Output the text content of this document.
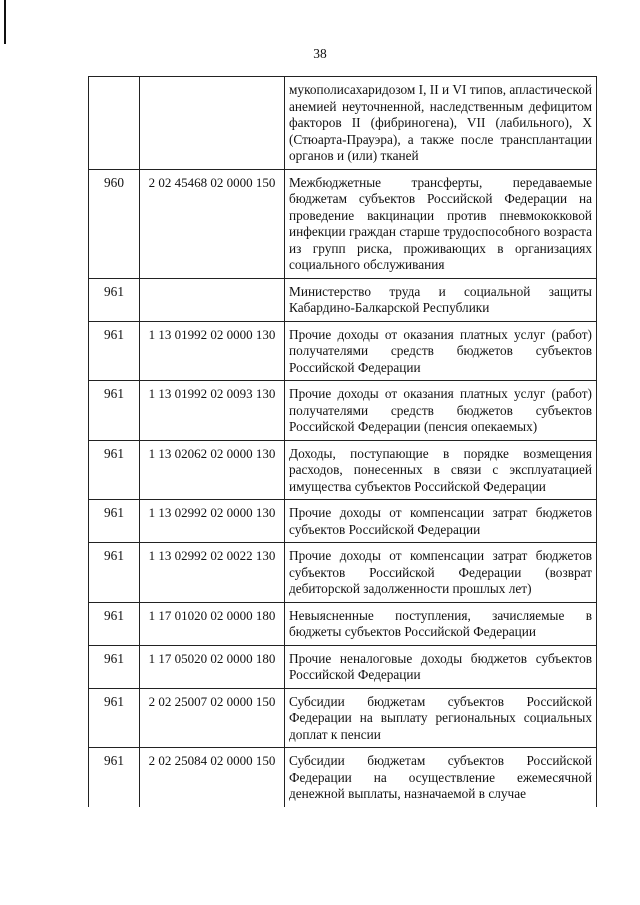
38
		мукополисахаридозом I, II и VI типов, апластической анемией неуточненной, наследственным дефицитом факторов II (фибриногена), VII (лабильного), X (Стюарта-Прауэра), а также после трансплантации органов и (или) тканей
960	2 02 45468 02 0000 150	Межбюджетные трансферты, передаваемые бюджетам субъектов Российской Федерации на проведение вакцинации против пневмококковой инфекции граждан старше трудоспособного возраста из групп риска, проживающих в организациях социального обслуживания
961		Министерство труда и социальной защиты Кабардино-Балкарской Республики
961	1 13 01992 02 0000 130	Прочие доходы от оказания платных услуг (работ) получателями средств бюджетов субъектов Российской Федерации
961	1 13 01992 02 0093 130	Прочие доходы от оказания платных услуг (работ) получателями средств бюджетов субъектов Российской Федерации (пенсия опекаемых)
961	1 13 02062 02 0000 130	Доходы, поступающие в порядке возмещения расходов, понесенных в связи с эксплуатацией имущества субъектов Российской Федерации
961	1 13 02992 02 0000 130	Прочие доходы от компенсации затрат бюджетов субъектов Российской Федерации
961	1 13 02992 02 0022 130	Прочие доходы от компенсации затрат бюджетов субъектов Российской Федерации (возврат дебиторской задолженности прошлых лет)
961	1 17 01020 02 0000 180	Невыясненные поступления, зачисляемые в бюджеты субъектов Российской Федерации
961	1 17 05020 02 0000 180	Прочие неналоговые доходы бюджетов субъектов Российской Федерации
961	2 02 25007 02 0000 150	Субсидии бюджетам субъектов Российской Федерации на выплату региональных социальных доплат к пенсии
961	2 02 25084 02 0000 150	Субсидии бюджетам субъектов Российской Федерации на осуществление ежемесячной денежной выплаты, назначаемой в случае
